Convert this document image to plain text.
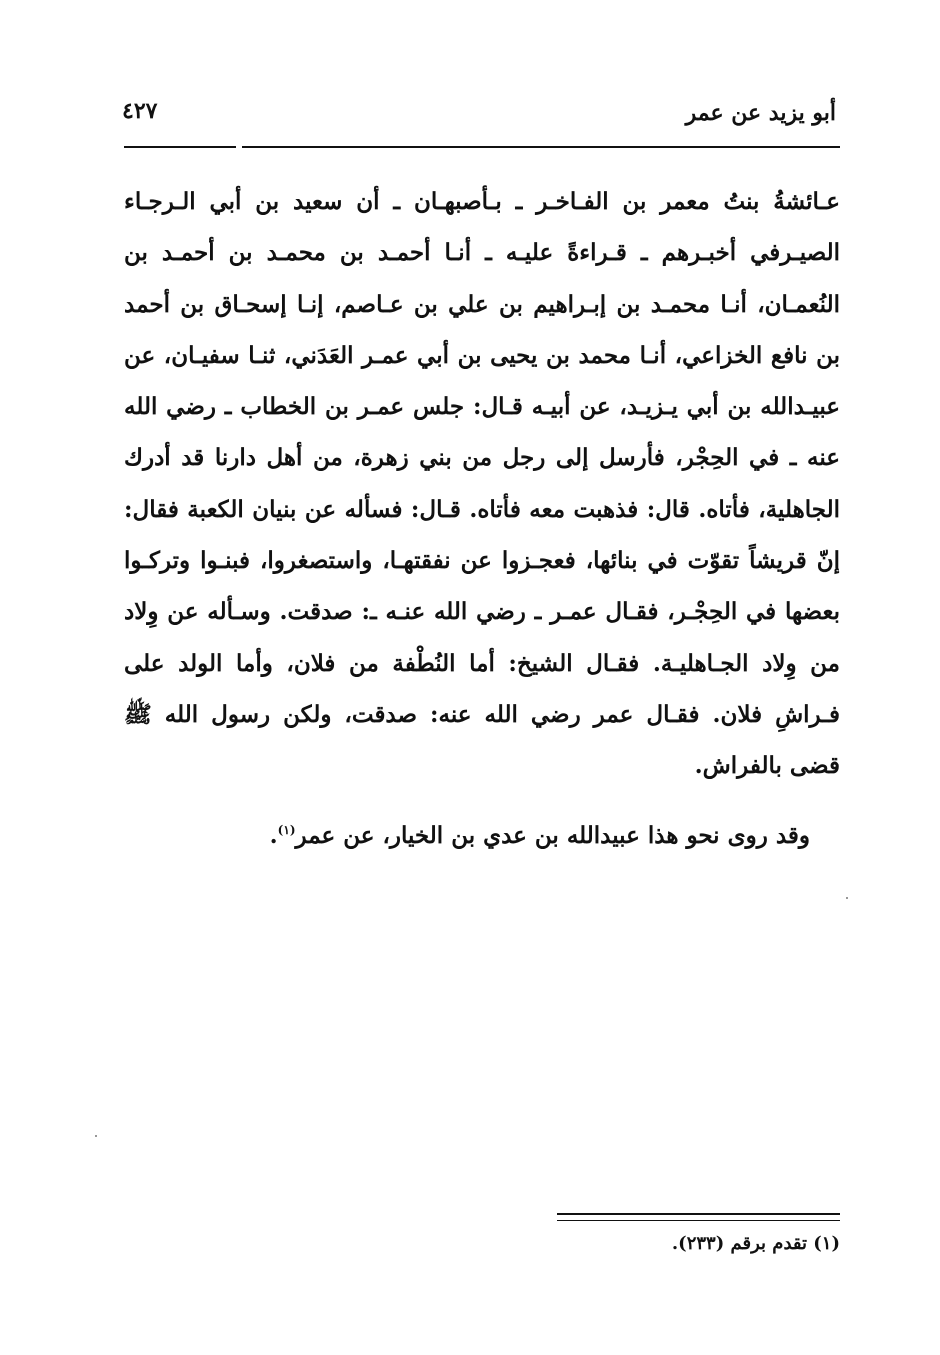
أبو يزيد عن عمر
٤٢٧

عـائشةُ بنتُ معمر بن الفـاخـر ـ بـأصبهـان ـ أن سعيد بن أبي الـرجـاء الصيـرفي أخبـرهم ـ قـراءةً عليـه ـ أنـا أحمـد بن محمـد بن أحمـد بن النُعمـان، أنـا محمـد بن إبـراهيم بن علي بن عـاصم، إنـا إسحـاق بن أحمد بن نافع الخزاعي، أنـا محمد بن يحيى بن أبي عمـر العَدَني، ثنـا سفيـان، عن عبيـدالله بن أبي يـزيـد، عن أبيـه قـال: جلس عمـر بن الخطاب ـ رضي الله عنه ـ في الحِجْر، فأرسل إلى رجل من بني زهرة، من أهل دارنا قد أدرك الجاهلية، فأتاه. قال: فذهبت معه فأتاه. قـال: فسأله عن بنيان الكعبة فقال: إنّ قريشاً تقوّت في بنائها، فعجـزوا عن نفقتهـا، واستصغروا، فبنـوا وتركـوا بعضها في الحِجْـر، فقـال عمـر ـ رضي الله عنـه ـ: صدقت. وسـأله عن وِلاد من وِلاد الجـاهليـة. فقـال الشيخ: أما النُطْفة من فلان، وأما الولد على فـراشِ فلان. فقـال عمر رضي الله عنه: صدقت، ولكن رسول الله ﷺ قضى بالفراش.

وقد روى نحو هذا عبيدالله بن عدي بن الخيار، عن عمر$^{(١)}$.
(١) تقدم برقم (٢٣٣).
